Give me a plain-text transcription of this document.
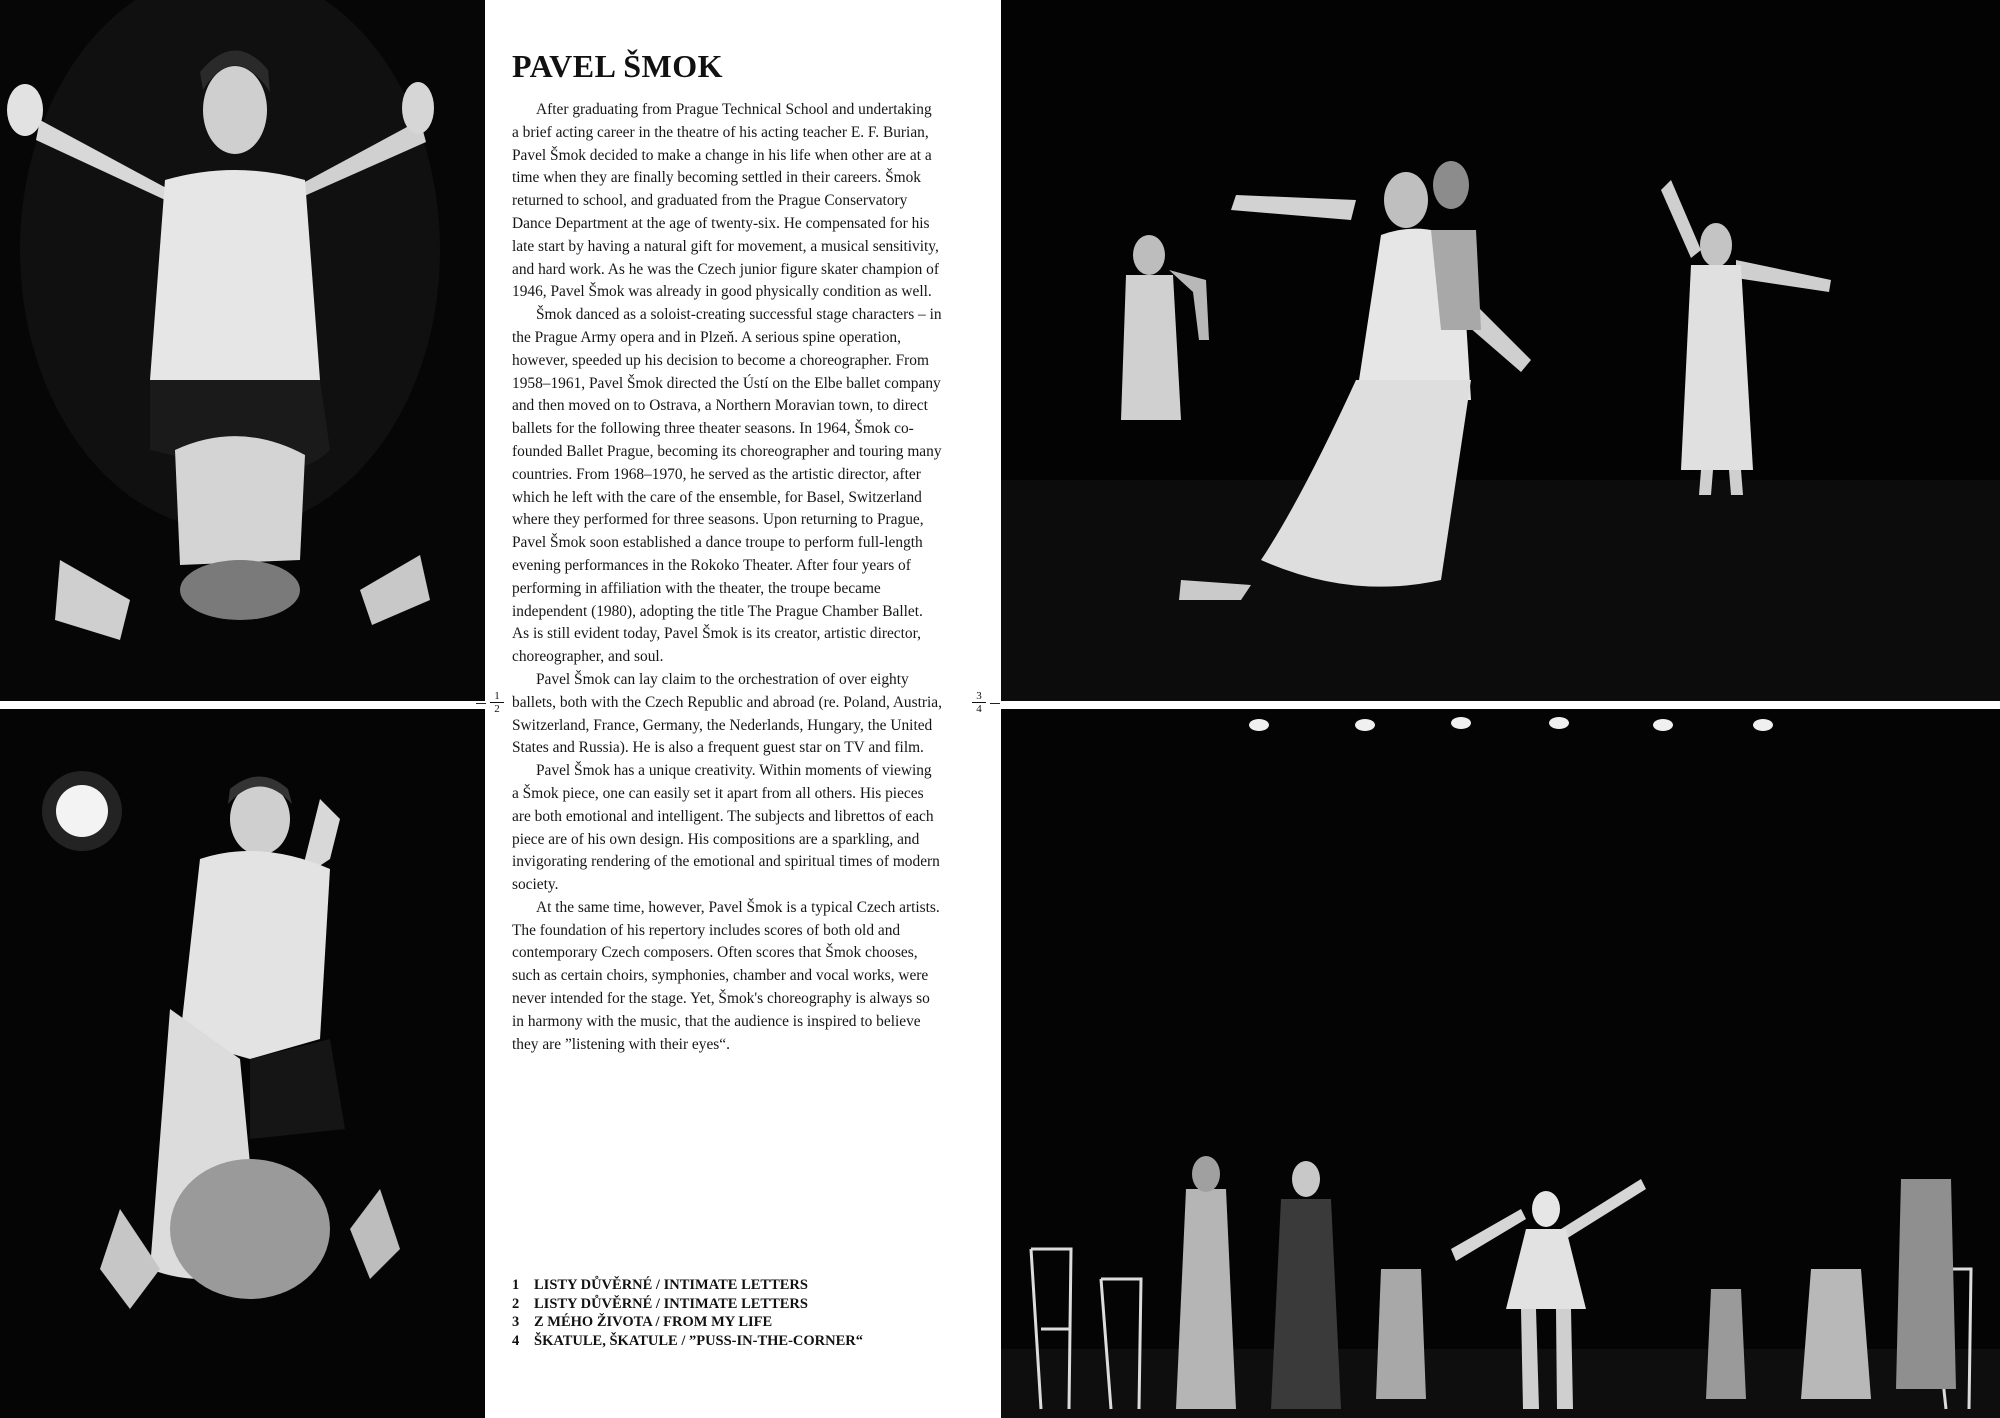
PAVEL ŠMOK

After graduating from Prague Technical School and undertaking a brief acting career in the theatre of his acting teacher E. F. Burian, Pavel Šmok decided to make a change in his life when other are at a time when they are finally becoming settled in their careers. Šmok returned to school, and graduated from the Prague Conservatory Dance Department at the age of twenty-six. He compensated for his late start by having a natural gift for movement, a musical sensitivity, and hard work. As he was the Czech junior figure skater champion of 1946, Pavel Šmok was already in good physically condition as well.

Šmok danced as a soloist-creating successful stage characters – in the Prague Army opera and in Plzeň. A serious spine operation, however, speeded up his decision to become a choreographer. From 1958–1961, Pavel Šmok directed the Ústí on the Elbe ballet company and then moved on to Ostrava, a Northern Moravian town, to direct ballets for the following three theater seasons. In 1964, Šmok co-founded Ballet Prague, becoming its choreographer and touring many countries. From 1968–1970, he served as the artistic director, after which he left with the care of the ensemble, for Basel, Switzerland where they performed for three seasons. Upon returning to Prague, Pavel Šmok soon established a dance troupe to perform full-length evening performances in the Rokoko Theater. After four years of performing in affiliation with the theater, the troupe became independent (1980), adopting the title The Prague Chamber Ballet. As is still evident today, Pavel Šmok is its creator, artistic director, choreographer, and soul.

Pavel Šmok can lay claim to the orchestration of over eighty ballets, both with the Czech Republic and abroad (re. Poland, Austria, Switzerland, France, Germany, the Nederlands, Hungary, the United States and Russia). He is also a frequent guest star on TV and film.

Pavel Šmok has a unique creativity. Within moments of viewing a Šmok piece, one can easily set it apart from all others. His pieces are both emotional and intelligent. The subjects and librettos of each piece are of his own design. His compositions are a sparkling, and invigorating rendering of the emotional and spiritual times of modern society.

At the same time, however, Pavel Šmok is a typical Czech artists. The foundation of his repertory includes scores of both old and contemporary Czech composers. Often scores that Šmok chooses, such as certain choirs, symphonies, chamber and vocal works, were never intended for the stage. Yet, Šmok's choreography is always so in harmony with the music, that the audience is inspired to believe they are ”listening with their eyes“.

1
2
3
4
1 LISTY DŮVĚRNÉ / INTIMATE LETTERS
2 LISTY DŮVĚRNÉ / INTIMATE LETTERS
3 Z MÉHO ŽIVOTA / FROM MY LIFE
4 ŠKATULE, ŠKATULE / ”PUSS-IN-THE-CORNER“
